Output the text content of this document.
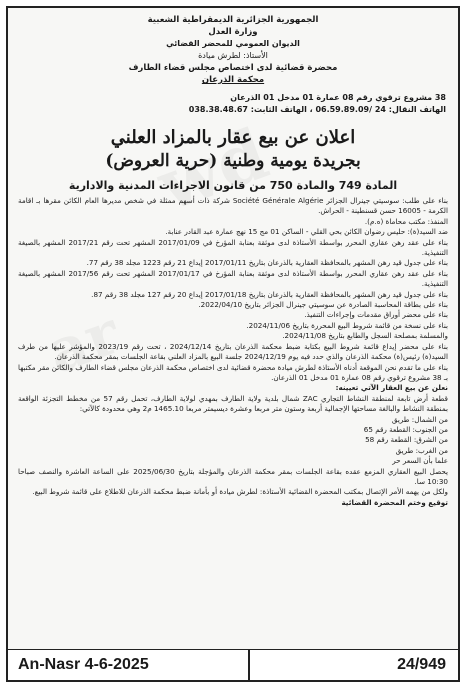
الجمهورية الجزائرية الديمقراطية الشعبية
وزارة العدل
الديوان العمومي للمحضر القضائي
الأستاذ: لطرش ميادة
محضرة قضائية لدى اختصاص مجلس قضاء الطارف
محكمة الذرعان
38 مشروع ترقوي رقم 08 عمارة 01 مدخل 01 الذرعان
الهاتف النقال: 24 /06.59.89.09 ، الهاتف الثابت: 038.38.48.67
اعلان عن بيع عقار بالمزاد العلني
بجريدة يومية وطنية (حرية العروض)
المادة 749 والمادة 750 من قانون الاجراءات المدنية والادارية

بناء على طلب: سوسيتي جينرال الجزائر Société Générale Algérie شركة ذات أسهم ممثلة في شخص مديرها العام الكائن مقرها بـ اقامة الكرمة - 16005 حسن قسنطينة - الحراش.

المنفذ: مكتب محاماة (ه.م).

ضد السيد(ة): حليس رضوان الكائن بحي القلي - الساكن 01 مج 15 نهج عمارة عبد القادر عنابة.

بناء على عقد رهن عقاري المحرر بواسطة الأستاذة لدى موثقة بعنابة المؤرخ في 2017/01/09 المشهر تحت رقم 2017/21 المشهر بالصيغة التنفيذية.

بناء على جدول قيد رهن المشهر بالمحافظة العقارية بالذرعان بتاريخ 2017/01/11 إيداع 21 رقم 1223 مجلد 38 رقم 77.

بناء على عقد رهن عقاري المحرر بواسطة الأستاذة لدى موثقة بعنابة المؤرخ في 2017/01/17 المشهر تحت رقم 2017/56 المشهر بالصيغة التنفيذية.

بناء على جدول قيد رهن المشهر بالمحافظة العقارية بالذرعان بتاريخ 2017/01/18 إيداع 20 رقم 127 مجلد 38 رقم 87.

بناء على بطاقة المحاسبة الصادرة عن سوسيتي جينرال الجزائر بتاريخ 2022/04/10.

بناء على محضر أوراق مقدمات وإجراءات التنفيذ.

بناء على نسخة من قائمة شروط البيع المحررة بتاريخ 2024/11/06.

والمسلمة بمصلحة السجل والطابع بتاريخ 2024/11/08.

بناء على محضر إيداع قائمة شروط البيع بكتابة ضبط محكمة الذرعان بتاريخ 2024/12/14 ، تحت رقم 2023/19 والمؤشر عليها من طرف السيد(ة) رئيس(ة) محكمة الذرعان والذي حدد فيه يوم 2024/12/19 جلسة البيع بالمزاد العلني بقاعة الجلسات بمقر محكمة الذرعان.

بناء على ما تقدم نحن الموقعة أدناه الأستاذة لطرش ميادة محضرة قضائية لدى اختصاص محكمة الذرعان مجلس قضاء الطارف والكائن مقر مكتبها بـ 38 مشروع ترقوي رقم 08 عمارة 01 مدخل 01 الذرعان.

نعلن عن بيع العقار الآتي تعيينه:

قطعة أرض تابعة لمنطقة النشاط التجاري ZAC شمال بلدية ولاية الطارف بمهدي لولاية الطارف، تحمل رقم 57 من مخطط التجزئة الواقعة بمنطقة النشاط والبالغة مساحتها الإجمالية أربعة وستون متر مربعا وعشرة ديسيمتر مربعا 1465.10 م2 وهي محدودة كالآتي:

من الشمال: طريق

من الجنوب: القطعة رقم 65

من الشرق: القطعة رقم 58

من الغرب: طريق

علما بأن السعر حر

يحصل البيع العقاري المزمع عقده بقاعة الجلسات بمقر محكمة الذرعان والمؤجلة بتاريخ 2025/06/30 على الساعة العاشرة والنصف صباحا 10:30 سا.

ولكل من يهمه الأمر الإتصال بمكتب المحضرة القضائية الأستاذة: لطرش ميادة أو بأمانة ضبط محكمة الذرعان للاطلاع على قائمة شروط البيع.

توقيع وختم المحضرة القضائية

An-Nasr 4-6-2025	24/949
